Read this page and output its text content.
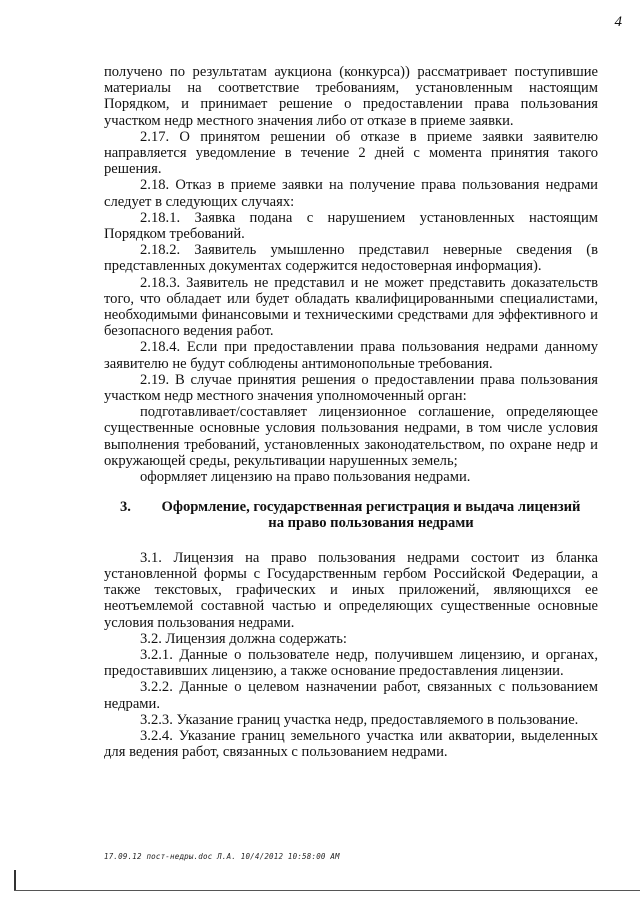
4

получено по результатам аукциона (конкурса)) рассматривает поступившие материалы на соответствие требованиям, установленным настоящим Порядком, и принимает решение о предоставлении права пользования участком недр местного значения либо от отказе в приеме заявки.

2.17. О принятом решении об отказе в приеме заявки заявителю направляется уведомление в течение 2 дней с момента принятия такого решения.

2.18. Отказ в приеме заявки на получение права пользования недрами следует в следующих случаях:

2.18.1. Заявка подана с нарушением установленных настоящим Порядком требований.

2.18.2. Заявитель умышленно представил неверные сведения (в представленных документах содержится недостоверная информация).

2.18.3. Заявитель не представил и не может представить доказательств того, что обладает или будет обладать квалифицированными специалистами, необходимыми финансовыми и техническими средствами для эффективного и безопасного ведения работ.

2.18.4. Если при предоставлении права пользования недрами данному заявителю не будут соблюдены антимонопольные требования.

2.19. В случае принятия решения о предоставлении права пользования участком недр местного значения уполномоченный орган:

подготавливает/составляет лицензионное соглашение, определяющее существенные основные условия пользования недрами, в том числе условия выполнения требований, установленных законодательством, по охране недр и окружающей среды, рекультивации нарушенных земель;

оформляет лицензию на право пользования недрами.

3.	Оформление, государственная регистрация и выдача лицензий
на право пользования недрами

3.1. Лицензия на право пользования недрами состоит из бланка установленной формы с Государственным гербом Российской Федерации, а также текстовых, графических и иных приложений, являющихся ее неотъемлемой составной частью и определяющих существенные основные условия пользования недрами.

3.2. Лицензия должна содержать:

3.2.1. Данные о пользователе недр, получившем лицензию, и органах, предоставивших лицензию, а также основание предоставления лицензии.

3.2.2. Данные о целевом назначении работ, связанных с пользованием недрами.

3.2.3. Указание границ участка недр, предоставляемого в пользование.

3.2.4. Указание границ земельного участка или акватории, выделенных для ведения работ, связанных с пользованием недрами.

17.09.12 пост-недры.doc Л.А. 10/4/2012 10:58:00 AM
